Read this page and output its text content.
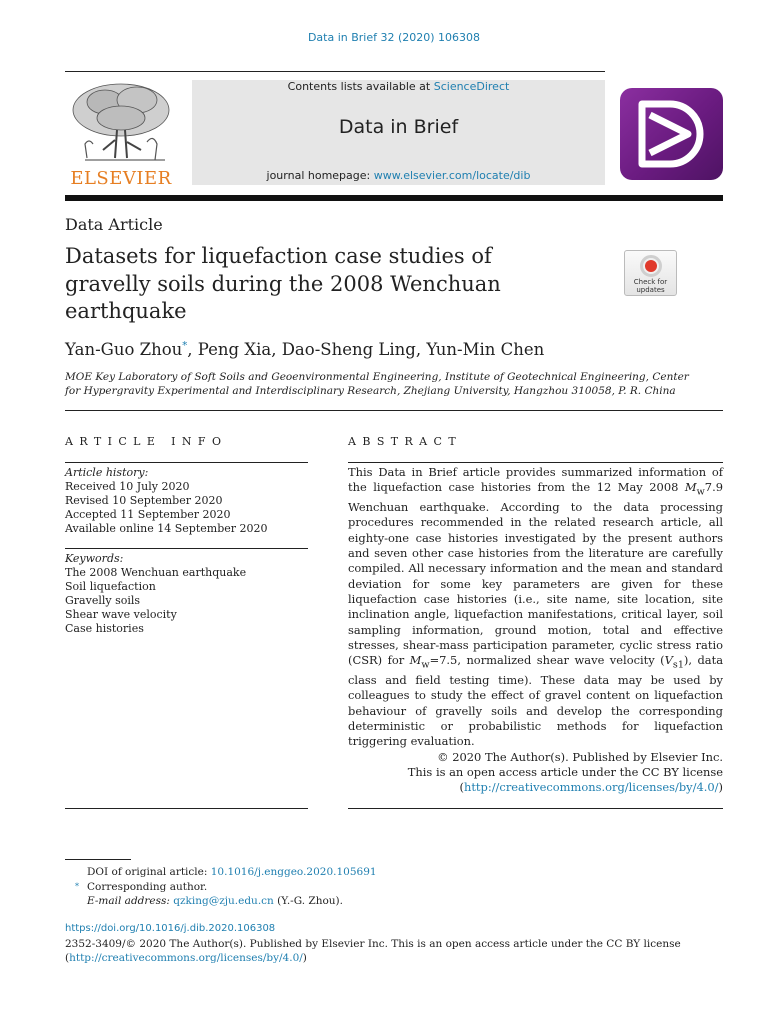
Data in Brief 32 (2020) 106308
ELSEVIER
Contents lists available at ScienceDirect
Data in Brief
journal homepage: www.elsevier.com/locate/dib
Data Article
Datasets for liquefaction case studies of
gravelly soils during the 2008 Wenchuan
earthquake
Check for
updates
Yan-Guo Zhou*, Peng Xia, Dao-Sheng Ling, Yun-Min Chen
MOE Key Laboratory of Soft Soils and Geoenvironmental Engineering, Institute of Geotechnical Engineering, Center
for Hypergravity Experimental and Interdisciplinary Research, Zhejiang University, Hangzhou 310058, P. R. China
ARTICLE INFO	ABSTRACT
Article history:
Received 10 July 2020
Revised 10 September 2020
Accepted 11 September 2020
Available online 14 September 2020
Keywords:
The 2008 Wenchuan earthquake
Soil liquefaction
Gravelly soils
Shear wave velocity
Case histories
This Data in Brief article provides summarized information of the liquefaction case histories from the 12 May 2008 $M_w7.9$ Wenchuan earthquake. According to the data processing procedures recommended in the related research article, all eighty-one case histories investigated by the present authors and seven other case histories from the literature are carefully compiled. All necessary information and the mean and standard deviation for some key parameters are given for these liquefaction case histories (i.e., site name, site location, site inclination angle, liquefaction manifestations, critical layer, soil sampling information, ground motion, total and effective stresses, shear-mass participation parameter, cyclic stress ratio (CSR) for $M_w=7.5$, normalized shear wave velocity $(V_{s1})$, data class and field testing time). These data may be used by colleagues to study the effect of gravel content on liquefaction behaviour of gravelly soils and develop the corresponding deterministic or probabilistic methods for liquefaction triggering evaluation.
© 2020 The Author(s). Published by Elsevier Inc.
This is an open access article under the CC BY license
(http://creativecommons.org/licenses/by/4.0/)
DOI of original article: 10.1016/j.enggeo.2020.105691
* Corresponding author.
E-mail address: qzking@zju.edu.cn (Y.-G. Zhou).
https://doi.org/10.1016/j.dib.2020.106308
2352-3409/© 2020 The Author(s). Published by Elsevier Inc. This is an open access article under the CC BY license
(http://creativecommons.org/licenses/by/4.0/)
